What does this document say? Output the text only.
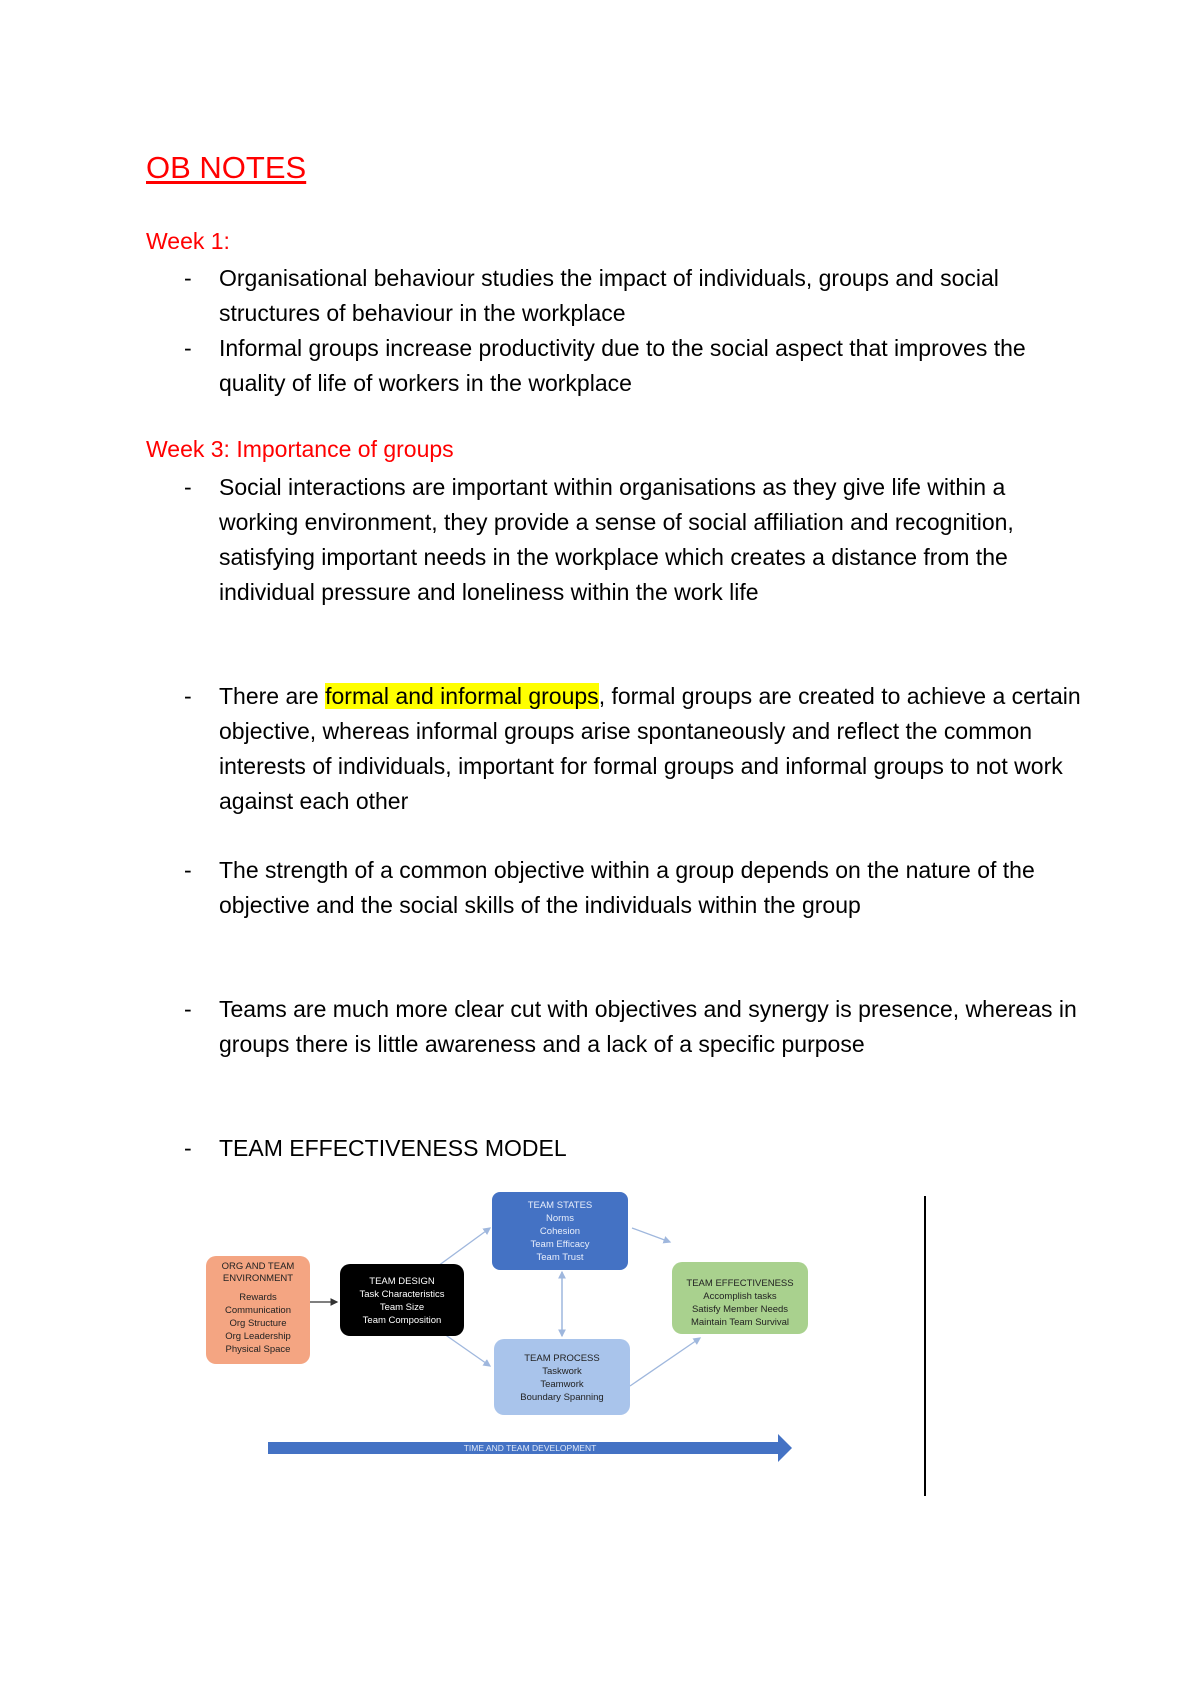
OB NOTES

Week 1:

- Organisational behaviour studies the impact of individuals, groups and social structures of behaviour in the workplace
- Informal groups increase productivity due to the social aspect that improves the quality of life of workers in the workplace

Week 3: Importance of groups

- Social interactions are important within organisations as they give life within a working environment, they provide a sense of social affiliation and recognition, satisfying important needs in the workplace which creates a distance from the individual pressure and loneliness within the work life
- There are formal and informal groups, formal groups are created to achieve a certain objective, whereas informal groups arise spontaneously and reflect the common interests of individuals, important for formal groups and informal groups to not work against each other
- The strength of a common objective within a group depends on the nature of the objective and the social skills of the individuals within the group
- Teams are much more clear cut with objectives and synergy is presence, whereas in groups there is little awareness and a lack of a specific purpose
- TEAM EFFECTIVENESS MODEL
ORG AND TEAM ENVIRONMENT
Rewards
Communication
Org Structure
Org Leadership
Physical Space
TEAM DESIGN
Task Characteristics
Team Size
Team Composition
TEAM STATES
Norms
Cohesion
Team Efficacy
Team Trust
TEAM PROCESS
Taskwork
Teamwork
Boundary Spanning
TEAM EFFECTIVENESS
Accomplish tasks
Satisfy Member Needs
Maintain Team Survival
TIME AND TEAM DEVELOPMENT
